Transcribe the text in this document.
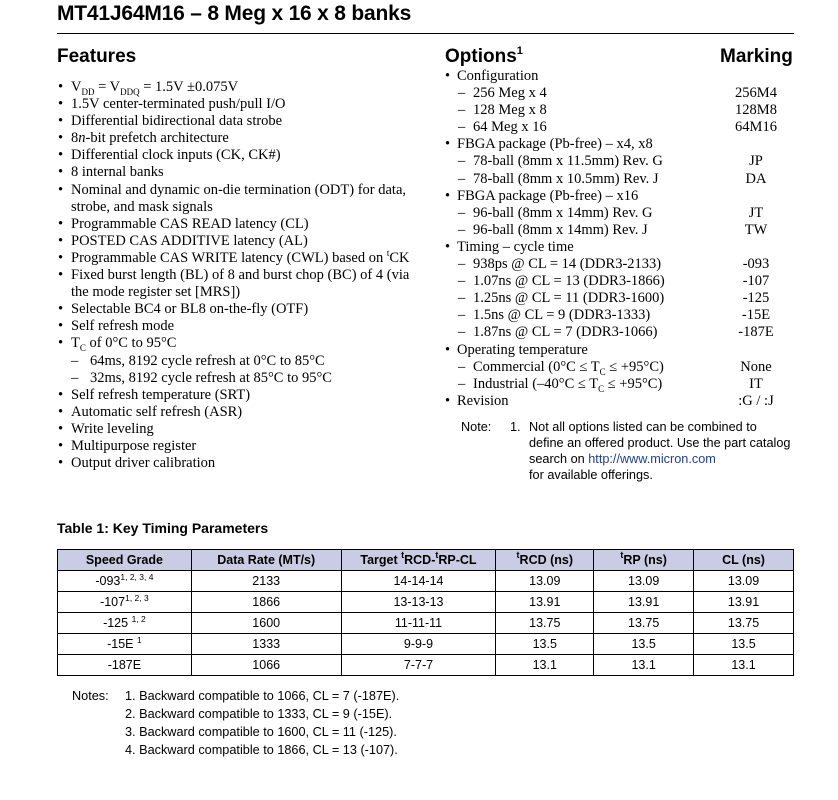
MT41J64M16 – 8 Meg x 16 x 8 banks
Features
• $V_{DD} = V_{DDQ} = 1.5V \pm 0.075V$
• 1.5V center-terminated push/pull I/O
• Differential bidirectional data strobe
• 8n-bit prefetch architecture
• Differential clock inputs (CK, CK#)
• 8 internal banks
• Nominal and dynamic on-die termination (ODT) for data, strobe, and mask signals
• Programmable CAS READ latency (CL)
• POSTED CAS ADDITIVE latency (AL)
• Programmable CAS WRITE latency (CWL) based on $^t$CK
• Fixed burst length (BL) of 8 and burst chop (BC) of 4 (via the mode register set [MRS])
• Selectable BC4 or BL8 on-the-fly (OTF)
• Self refresh mode
• $T_C$ of 0°C to 95°C
– 64ms, 8192 cycle refresh at 0°C to 85°C
– 32ms, 8192 cycle refresh at 85°C to 95°C
• Self refresh temperature (SRT)
• Automatic self refresh (ASR)
• Write leveling
• Multipurpose register
• Output driver calibration
Options$^1$	Marking
• Configuration
– 256 Meg x 4	256M4
– 128 Meg x 8	128M8
– 64 Meg x 16	64M16
• FBGA package (Pb-free) – x4, x8
– 78-ball (8mm x 11.5mm) Rev. G	JP
– 78-ball (8mm x 10.5mm) Rev. J	DA
• FBGA package (Pb-free) – x16
– 96-ball (8mm x 14mm) Rev. G	JT
– 96-ball (8mm x 14mm) Rev. J	TW
• Timing – cycle time
– 938ps @ CL = 14 (DDR3-2133)	-093
– 1.07ns @ CL = 13 (DDR3-1866)	-107
– 1.25ns @ CL = 11 (DDR3-1600)	-125
– 1.5ns @ CL = 9 (DDR3-1333)	-15E
– 1.87ns @ CL = 7 (DDR3-1066)	-187E
• Operating temperature
– Commercial $(0^\circ C \le T_C \le +95^\circ C)$	None
– Industrial $(-40^\circ C \le T_C \le +95^\circ C)$	IT
• Revision	:G / :J
Note: 1. Not all options listed can be combined to define an offered product. Use the part catalog search on http://www.micron.com
for available offerings.
Table 1: Key Timing Parameters
Speed Grade	Data Rate (MT/s)	Target $^t$RCD-$^t$RP-CL	$^t$RCD (ns)	$^t$RP (ns)	CL (ns)
-093$^{1, 2, 3, 4}$	2133	14-14-14	13.09	13.09	13.09
-107$^{1, 2, 3}$	1866	13-13-13	13.91	13.91	13.91
-125 $^{1, 2}$	1600	11-11-11	13.75	13.75	13.75
-15E $^1$	1333	9-9-9	13.5	13.5	13.5
-187E	1066	7-7-7	13.1	13.1	13.1
Notes: 1. Backward compatible to 1066, CL = 7 (-187E).
2. Backward compatible to 1333, CL = 9 (-15E).
3. Backward compatible to 1600, CL = 11 (-125).
4. Backward compatible to 1866, CL = 13 (-107).
